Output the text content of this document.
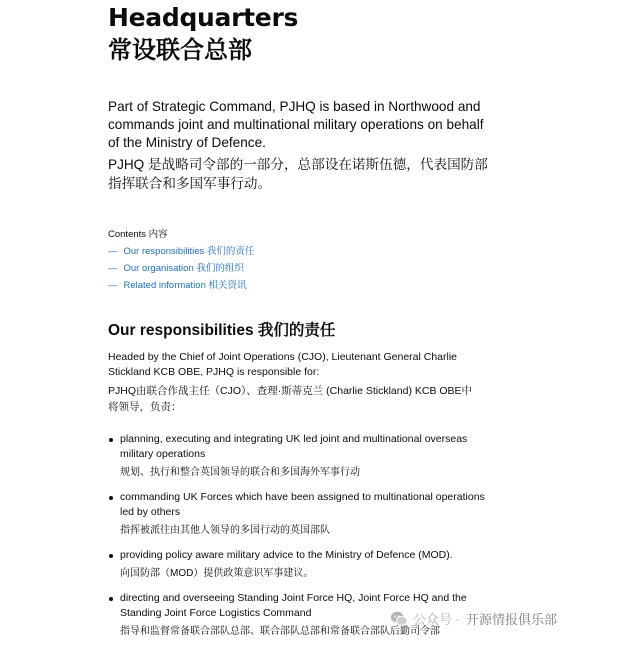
Headquarters
常设联合总部
Part of Strategic Command, PJHQ is based in Northwood and commands joint and multinational military operations on behalf of the Ministry of Defence.
PJHQ 是战略司令部的一部分，总部设在诺斯伍德，代表国防部指挥联合和多国军事行动。
Contents 内容
— Our responsibilities 我们的责任
— Our organisation 我们的组织
— Related information 相关资讯
Our responsibilities 我们的责任
Headed by the Chief of Joint Operations (CJO), Lieutenant General Charlie Stickland KCB OBE, PJHQ is responsible for:
PJHQ由联合作战主任（CJO）、查理·斯蒂克兰 (Charlie Stickland) KCB OBE中将领导，负责：
planning, executing and integrating UK led joint and multinational overseas military operations
规划、执行和整合英国领导的联合和多国海外军事行动
commanding UK Forces which have been assigned to multinational operations led by others
指挥被派往由其他人领导的多国行动的英国部队
providing policy aware military advice to the Ministry of Defence (MOD).
向国防部（MOD）提供政策意识军事建议。
directing and overseeing Standing Joint Force HQ, Joint Force HQ and the Standing Joint Force Logistics Command
指导和监督常备联合部队总部、联合部队总部和常备联合部队后勤司令部
公众号 · 开源情报俱乐部
